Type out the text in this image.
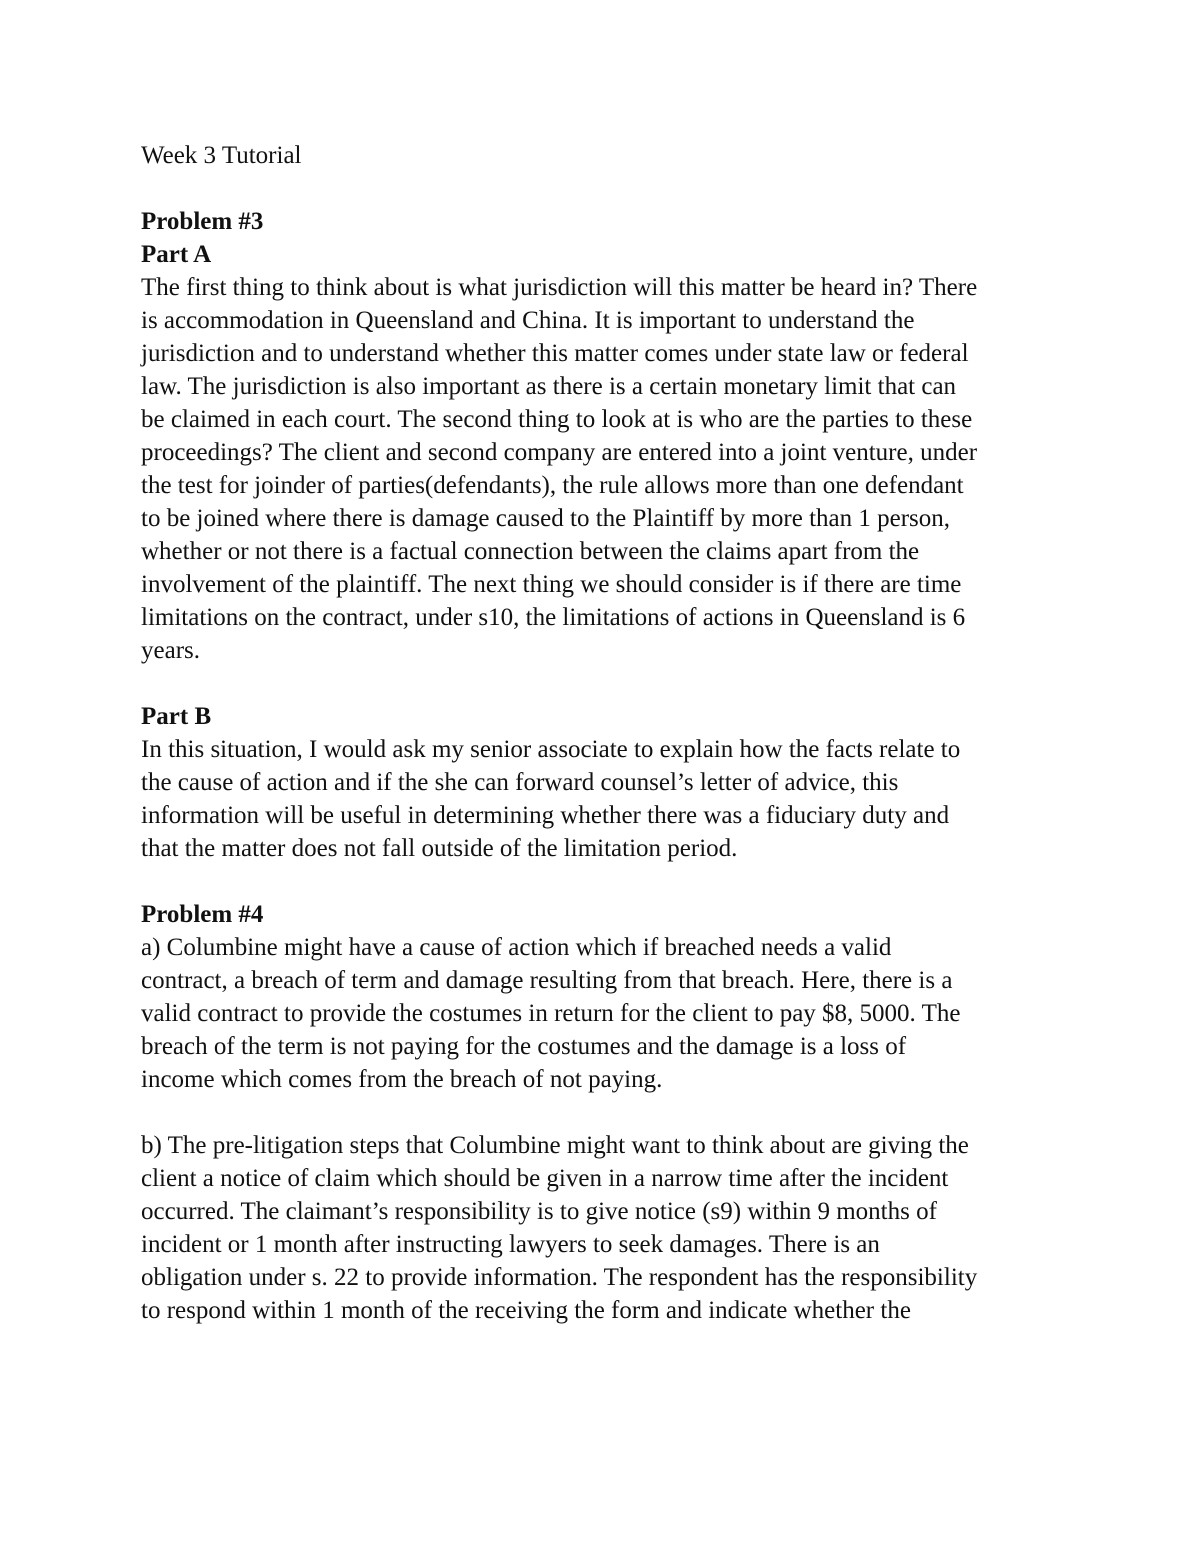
Week 3 Tutorial
Problem #3
Part A
The first thing to think about is what jurisdiction will this matter be heard in? There
is accommodation in Queensland and China. It is important to understand the
jurisdiction and to understand whether this matter comes under state law or federal
law. The jurisdiction is also important as there is a certain monetary limit that can
be claimed in each court. The second thing to look at is who are the parties to these
proceedings? The client and second company are entered into a joint venture, under
the test for joinder of parties(defendants), the rule allows more than one defendant
to be joined where there is damage caused to the Plaintiff by more than 1 person,
whether or not there is a factual connection between the claims apart from the
involvement of the plaintiff. The next thing we should consider is if there are time
limitations on the contract, under s10, the limitations of actions in Queensland is 6
years.
Part B
In this situation, I would ask my senior associate to explain how the facts relate to
the cause of action and if the she can forward counsel’s letter of advice, this
information will be useful in determining whether there was a fiduciary duty and
that the matter does not fall outside of the limitation period.
Problem #4
a) Columbine might have a cause of action which if breached needs a valid
contract, a breach of term and damage resulting from that breach. Here, there is a
valid contract to provide the costumes in return for the client to pay $8, 5000. The
breach of the term is not paying for the costumes and the damage is a loss of
income which comes from the breach of not paying.
b) The pre-litigation steps that Columbine might want to think about are giving the
client a notice of claim which should be given in a narrow time after the incident
occurred. The claimant’s responsibility is to give notice (s9) within 9 months of
incident or 1 month after instructing lawyers to seek damages. There is an
obligation under s. 22 to provide information. The respondent has the responsibility
to respond within 1 month of the receiving the form and indicate whether the
